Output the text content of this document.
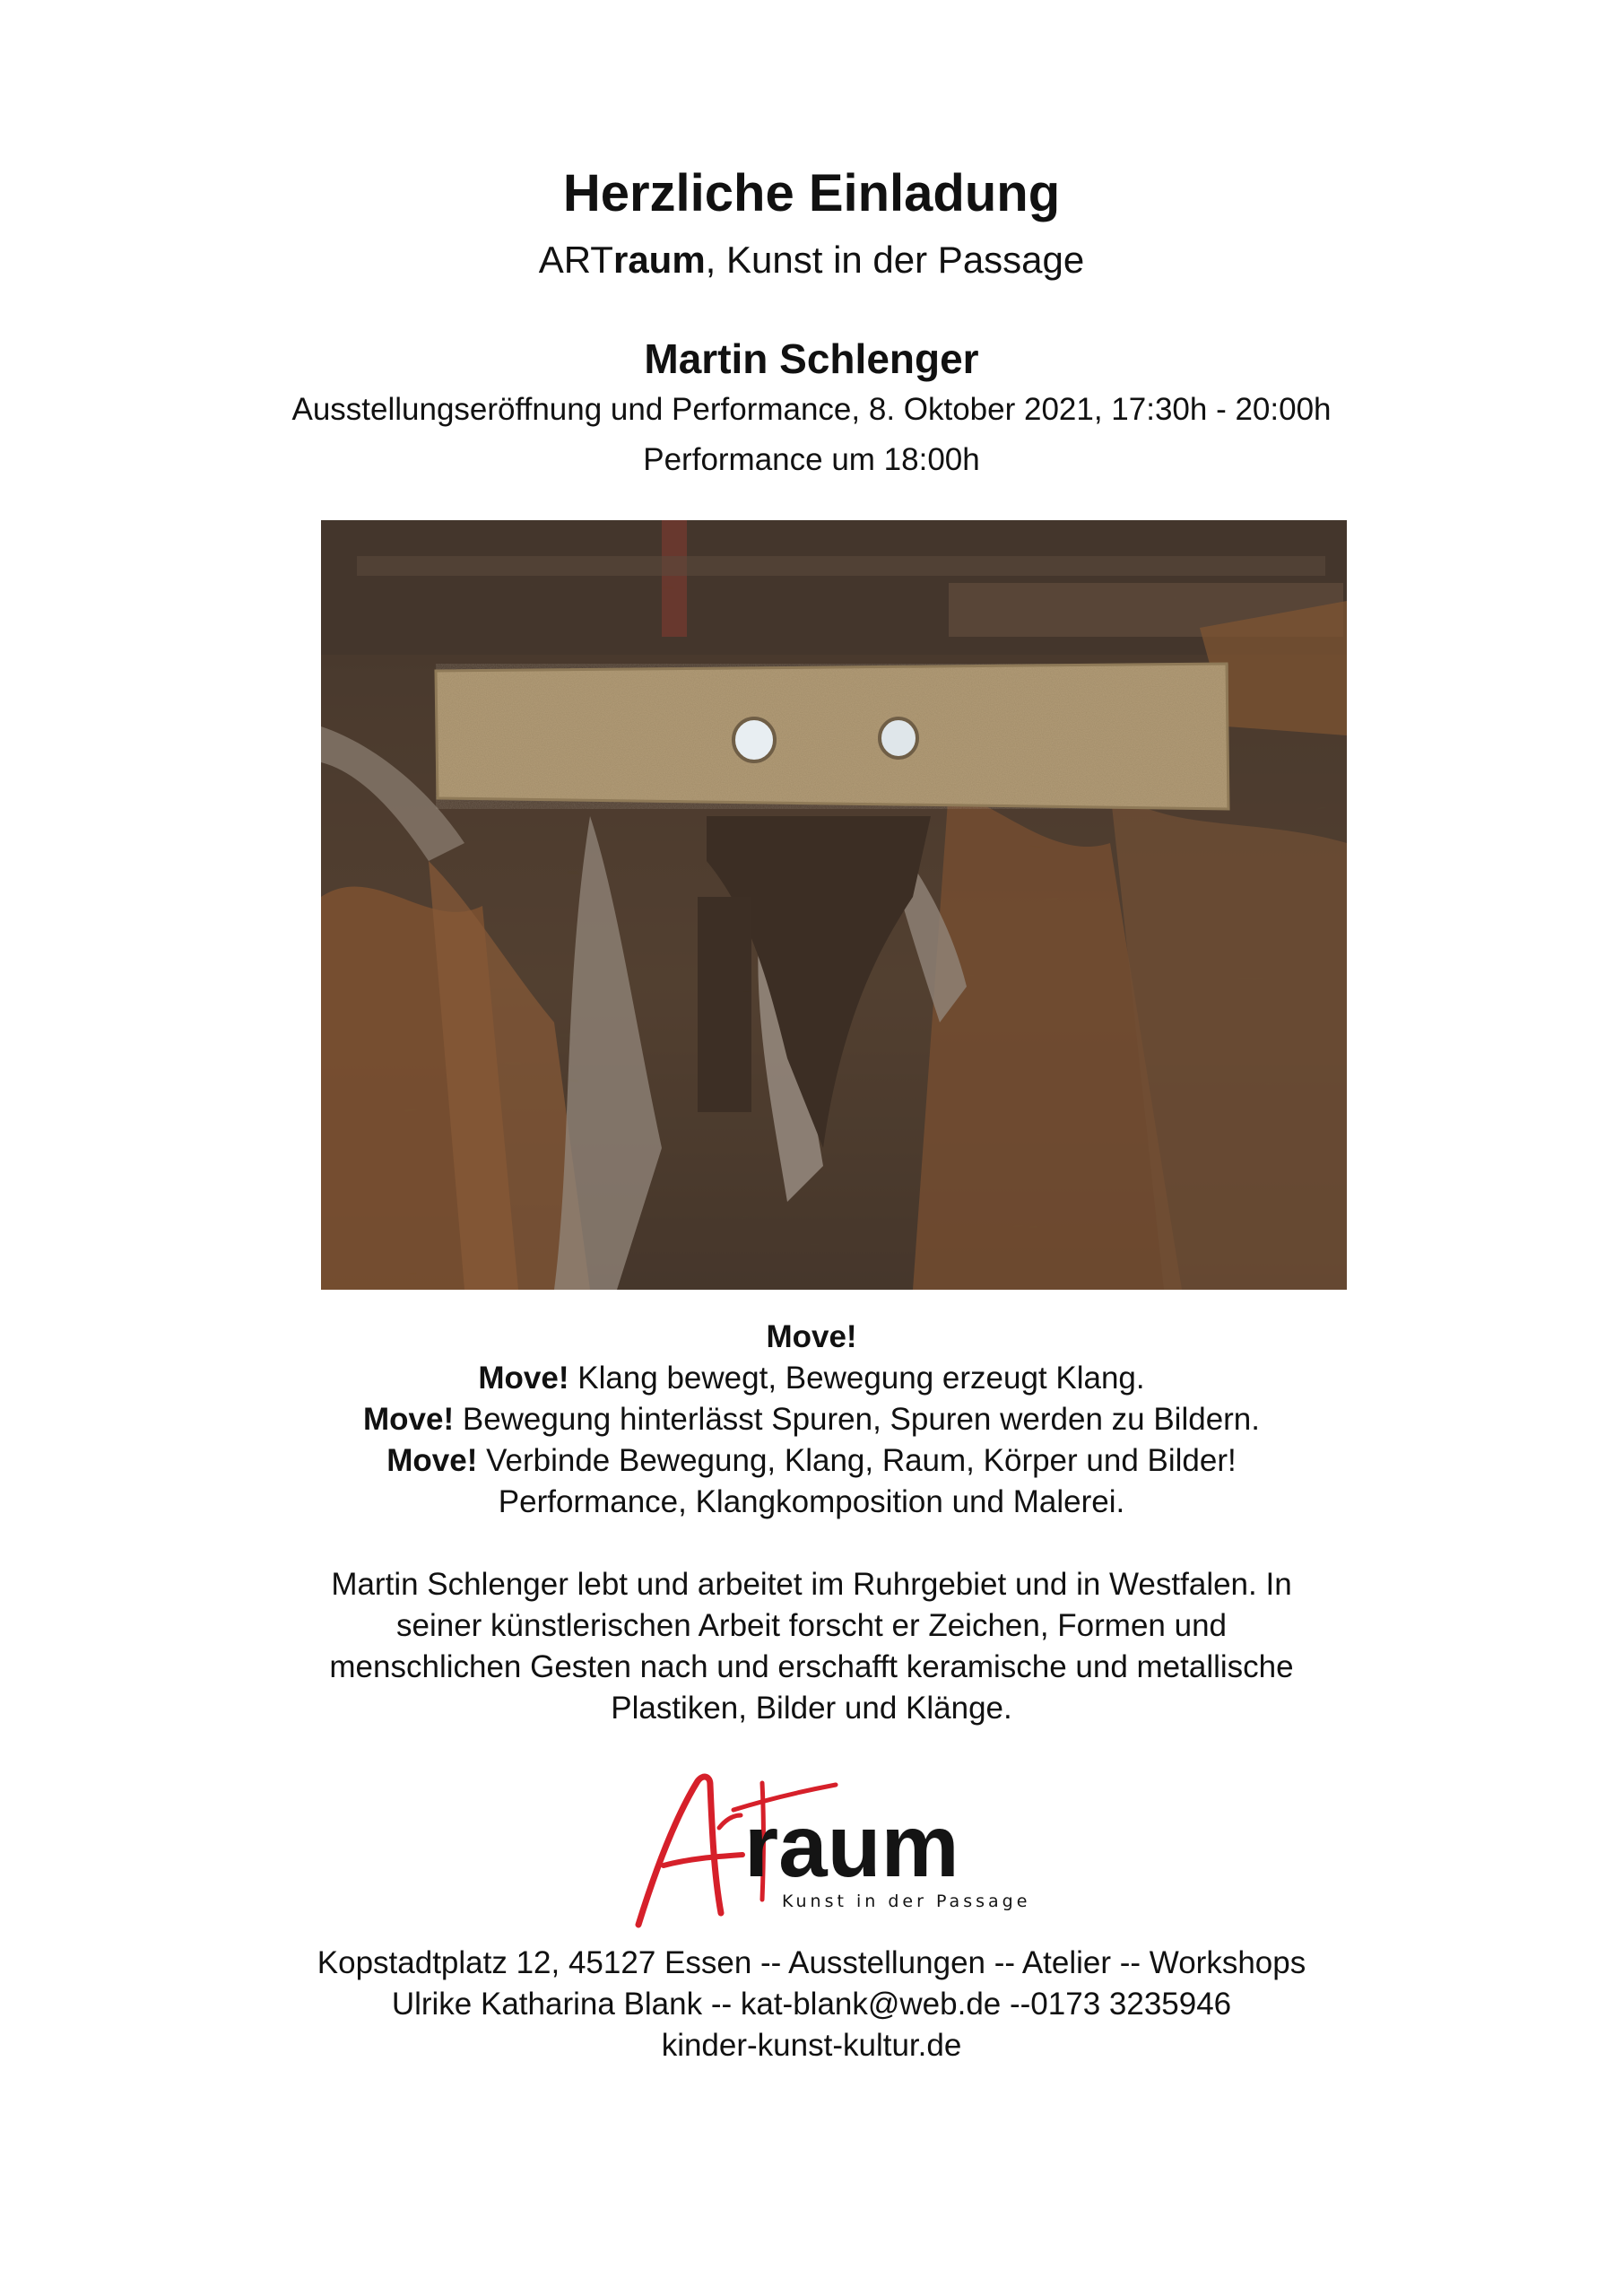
Herzliche Einladung
ARTraum, Kunst in der Passage
Martin Schlenger
Ausstellungseröffnung und Performance, 8. Oktober 2021, 17:30h - 20:00h
Performance um 18:00h
Move!
Move! Klang bewegt, Bewegung erzeugt Klang.
Move! Bewegung hinterlässt Spuren, Spuren werden zu Bildern.
Move! Verbinde Bewegung, Klang, Raum, Körper und Bilder!
Performance, Klangkomposition und Malerei.
Martin Schlenger lebt und arbeitet im Ruhrgebiet und in Westfalen. In seiner künstlerischen Arbeit forscht er Zeichen, Formen und menschlichen Gesten nach und erschafft keramische und metallische Plastiken, Bilder und Klänge.
raum
Kunst in der Passage
Kopstadtplatz 12, 45127 Essen -- Ausstellungen -- Atelier -- Workshops
Ulrike Katharina Blank -- kat-blank@web.de --0173 3235946
kinder-kunst-kultur.de
